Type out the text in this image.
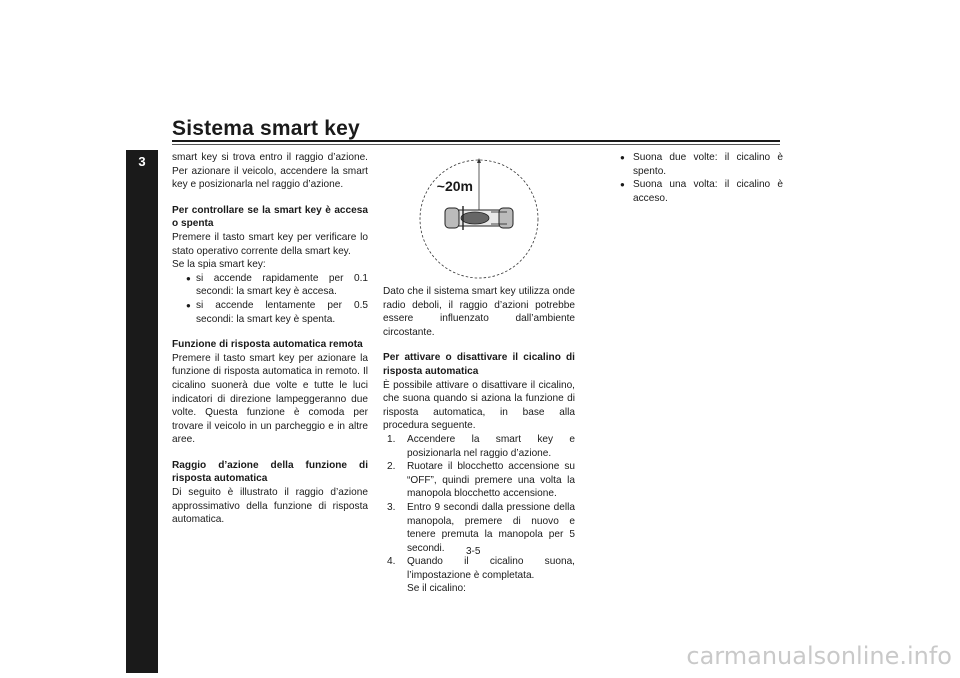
Sistema smart key
3	smart key si trova entro il raggio d’azione. Per azionare il veicolo, accendere la smart key e posizionarla nel raggio d’azione.

Per controllare se la smart key è accesa o spenta

Premere il tasto smart key per verificare lo stato operativo corrente della smart key.

Se la spia smart key:

● si accende rapidamente per 0.1 secondi: la smart key è accesa.
● si accende lentamente per 0.5 secondi: la smart key è spenta.
Funzione di risposta automatica remota

Premere il tasto smart key per azionare la funzione di risposta automatica in remoto. Il cicalino suonerà due volte e tutte le luci indicatori di direzione lampeggeranno due volte. Questa funzione è comoda per trovare il veicolo in un parcheggio e in altre aree.

Raggio d’azione della funzione di risposta automatica

Di seguito è illustrato il raggio d’azione approssimativo della funzione di risposta automatica.

~20m

Dato che il sistema smart key utilizza onde radio deboli, il raggio d’azioni potrebbe essere influenzato dall’ambiente circostante.

Per attivare o disattivare il cicalino di risposta automatica

È possibile attivare o disattivare il cicalino, che suona quando si aziona la funzione di risposta automatica, in base alla procedura seguente.

1.	Accendere la smart key e posizionarla nel raggio d’azione.
2.	Ruotare il blocchetto accensione su “OFF”, quindi premere una volta la manopola blocchetto accensione.
3.	Entro 9 secondi dalla pressione della manopola, premere di nuovo e tenere premuta la manopola per 5 secondi.
4.	Quando il cicalino suona, l’impostazione è completata.

Se il cicalino:

● Suona due volte: il cicalino è spento.
● Suona una volta: il cicalino è acceso.
3-5
carmanualsonline.info
